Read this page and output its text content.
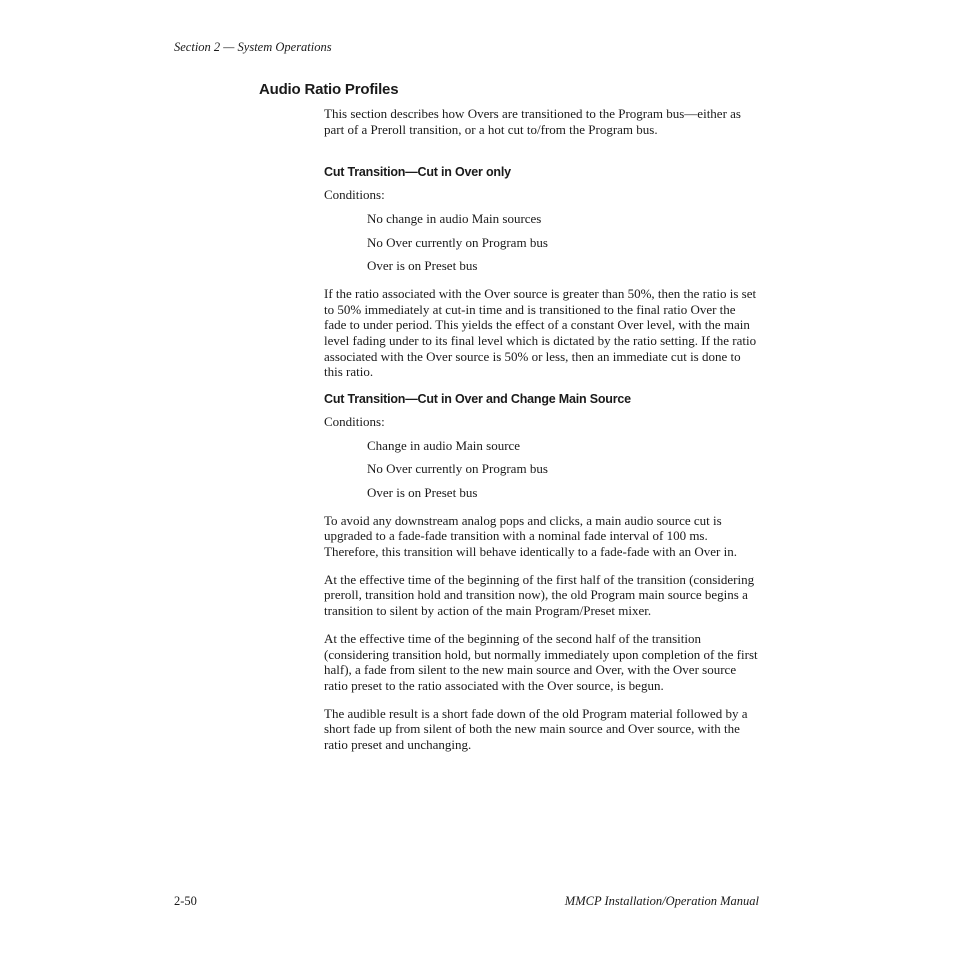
Section 2 — System Operations
Audio Ratio Profiles

This section describes how Overs are transitioned to the Program bus—either as part of a Preroll transition, or a hot cut to/from the Program bus.

Cut Transition—Cut in Over only

Conditions:

No change in audio Main sources

No Over currently on Program bus

Over is on Preset bus

If the ratio associated with the Over source is greater than 50%, then the ratio is set to 50% immediately at cut-in time and is transitioned to the final ratio Over the fade to under period. This yields the effect of a constant Over level, with the main level fading under to its final level which is dictated by the ratio setting. If the ratio associated with the Over source is 50% or less, then an immediate cut is done to this ratio.

Cut Transition—Cut in Over and Change Main Source

Conditions:

Change in audio Main source

No Over currently on Program bus

Over is on Preset bus

To avoid any downstream analog pops and clicks, a main audio source cut is upgraded to a fade-fade transition with a nominal fade interval of 100 ms. Therefore, this transition will behave identically to a fade-fade with an Over in.

At the effective time of the beginning of the first half of the transition (considering preroll, transition hold and transition now), the old Program main source begins a transition to silent by action of the main Program/Preset mixer.

At the effective time of the beginning of the second half of the transition (considering transition hold, but normally immediately upon completion of the first half), a fade from silent to the new main source and Over, with the Over source ratio preset to the ratio associated with the Over source, is begun.

The audible result is a short fade down of the old Program material followed by a short fade up from silent of both the new main source and Over source, with the ratio preset and unchanging.

2-50	MMCP Installation/Operation Manual
